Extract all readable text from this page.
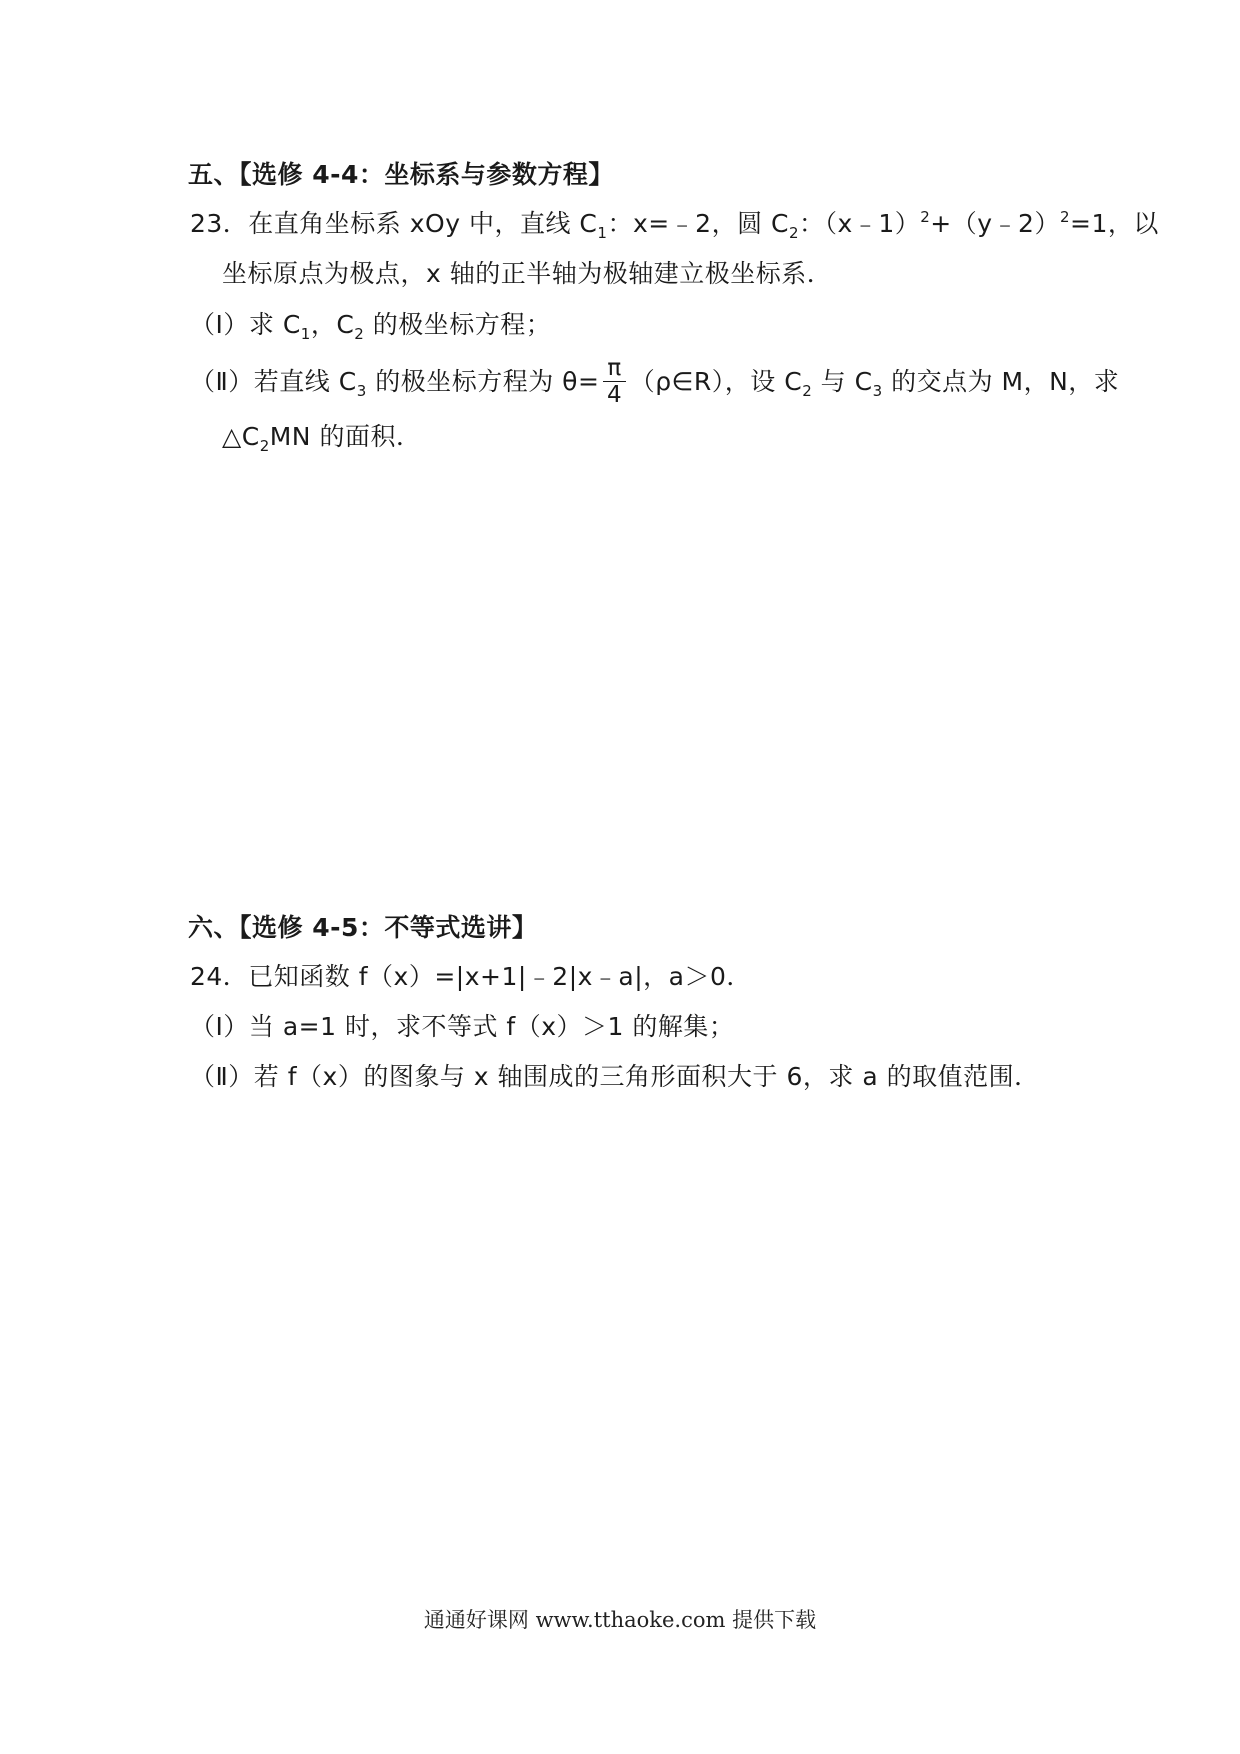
五、【选修 4-4：坐标系与参数方程】
23．在直角坐标系 xOy 中，直线 $C_1$：x=﹣2，圆 $C_2$：（x﹣1）$^2$+（y﹣2）$^2$=1，以
坐标原点为极点，x 轴的正半轴为极轴建立极坐标系．
（Ⅰ）求 $C_1$，$C_2$ 的极坐标方程；
（Ⅱ）若直线 $C_3$ 的极坐标方程为 $\theta= \frac{\pi}{4}$ （ρ∈R），设 $C_2$ 与 $C_3$ 的交点为 M，N，求
$\triangle C_2MN$ 的面积．
六、【选修 4-5：不等式选讲】
24．已知函数 f（x）=|x+1|﹣2|x﹣a|，a＞0．
（Ⅰ）当 a=1 时，求不等式 f（x）＞1 的解集；
（Ⅱ）若 f（x）的图象与 x 轴围成的三角形面积大于 6，求 a 的取值范围．
通通好课网 www.tthaoke.com 提供下载
